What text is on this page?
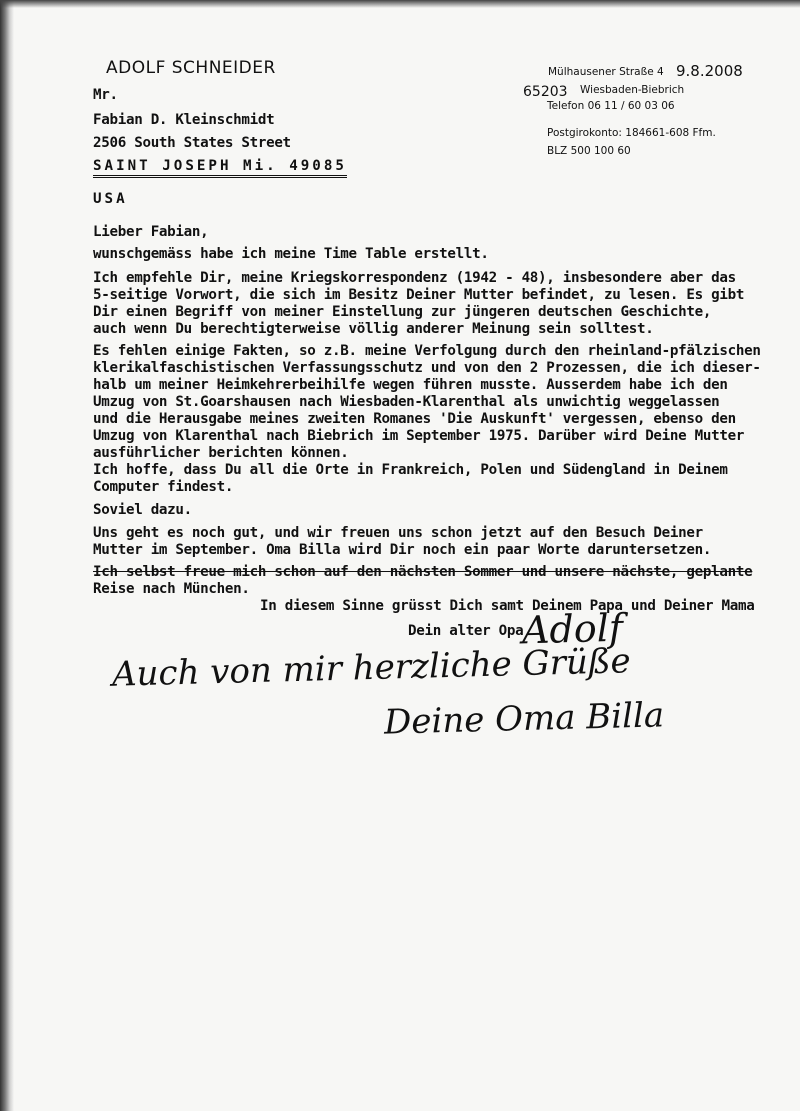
ADOLF SCHNEIDER	Mülhausener Straße 4 9.8.2008
65203 Wiesbaden-Biebrich
Telefon 06 11 / 60 03 06
Postgirokonto: 184661-608 Ffm.
BLZ 500 100 60
Mr.
Fabian D. Kleinschmidt
2506 South States Street
SAINT JOSEPH Mi. 49085
USA
Lieber Fabian,
wunschgemäss habe ich meine Time Table erstellt.
Ich empfehle Dir, meine Kriegskorrespondenz (1942 - 48), insbesondere aber das
5-seitige Vorwort, die sich im Besitz Deiner Mutter befindet, zu lesen. Es gibt
Dir einen Begriff von meiner Einstellung zur jüngeren deutschen Geschichte,
auch wenn Du berechtigterweise völlig anderer Meinung sein solltest.
Es fehlen einige Fakten, so z.B. meine Verfolgung durch den rheinland-pfälzischen
klerikalfaschistischen Verfassungsschutz und von den 2 Prozessen, die ich dieser-
halb um meiner Heimkehrerbeihilfe wegen führen musste. Ausserdem habe ich den
Umzug von St.Goarshausen nach Wiesbaden-Klarenthal als unwichtig weggelassen
und die Herausgabe meines zweiten Romanes 'Die Auskunft' vergessen, ebenso den
Umzug von Klarenthal nach Biebrich im September 1975. Darüber wird Deine Mutter
ausführlicher berichten können.
Ich hoffe, dass Du all die Orte in Frankreich, Polen und Südengland in Deinem
Computer findest.
Soviel dazu.
Uns geht es noch gut, und wir freuen uns schon jetzt auf den Besuch Deiner
Mutter im September. Oma Billa wird Dir noch ein paar Worte daruntersetzen.
Ich selbst freue mich schon auf den nächsten Sommer und unsere nächste, geplante
Reise nach München.
In diesem Sinne grüsst Dich samt Deinem Papa und Deiner Mama
Dein alter Opa
Adolf
Auch von mir herzliche Grüße
Deine Oma Billa
